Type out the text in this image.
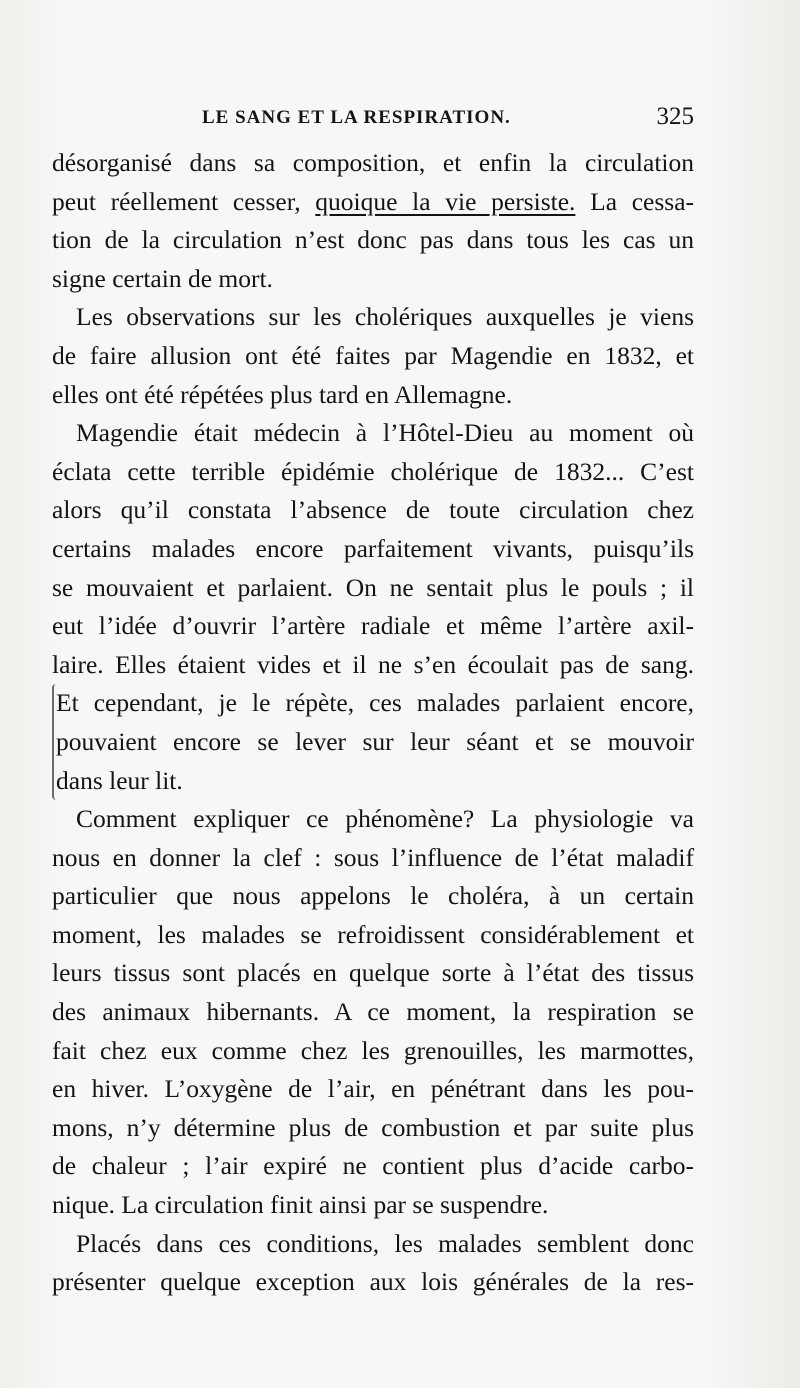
LE SANG ET LA RESPIRATION.	325
désorganisé dans sa composition, et enfin la circulation
peut réellement cesser, quoique la vie persiste. La cessa-
tion de la circulation n’est donc pas dans tous les cas un
signe certain de mort.
Les observations sur les cholériques auxquelles je viens
de faire allusion ont été faites par Magendie en 1832, et
elles ont été répétées plus tard en Allemagne.
Magendie était médecin à l’Hôtel-Dieu au moment où
éclata cette terrible épidémie cholérique de 1832... C’est
alors qu’il constata l’absence de toute circulation chez
certains malades encore parfaitement vivants, puisqu’ils
se mouvaient et parlaient. On ne sentait plus le pouls ; il
eut l’idée d’ouvrir l’artère radiale et même l’artère axil-
laire. Elles étaient vides et il ne s’en écoulait pas de sang.
Et cependant, je le répète, ces malades parlaient encore,
pouvaient encore se lever sur leur séant et se mouvoir
dans leur lit.
Comment expliquer ce phénomène? La physiologie va
nous en donner la clef : sous l’influence de l’état maladif
particulier que nous appelons le choléra, à un certain
moment, les malades se refroidissent considérablement et
leurs tissus sont placés en quelque sorte à l’état des tissus
des animaux hibernants. A ce moment, la respiration se
fait chez eux comme chez les grenouilles, les marmottes,
en hiver. L’oxygène de l’air, en pénétrant dans les pou-
mons, n’y détermine plus de combustion et par suite plus
de chaleur ; l’air expiré ne contient plus d’acide carbo-
nique. La circulation finit ainsi par se suspendre.
Placés dans ces conditions, les malades semblent donc
présenter quelque exception aux lois générales de la res-
